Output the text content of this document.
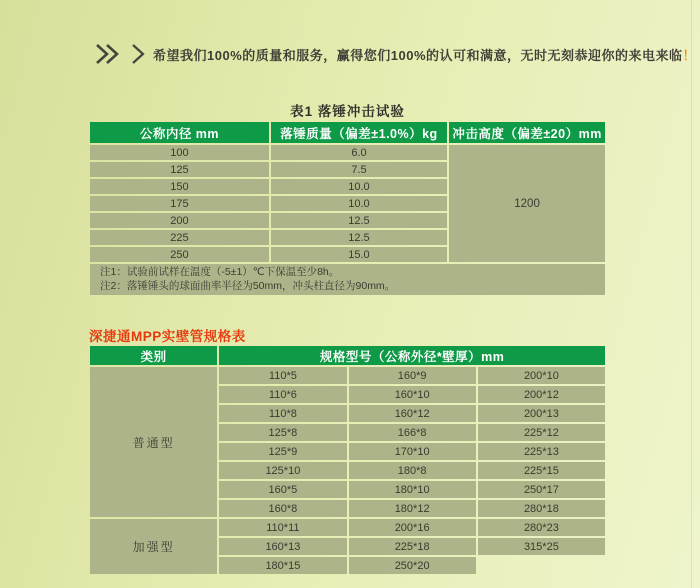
希望我们100%的质量和服务，赢得您们100%的认可和满意，无时无刻恭迎你的来电来临！
表1 落锤冲击试验
公称内径 mm	落锤质量（偏差±1.0%）kg	冲击高度（偏差±20）mm
100	6.0	1200
125	7.5	
150	10.0	
175	10.0	
200	12.5	
225	12.5	
250	15.0	

注1：试验前试样在温度（-5±1）℃下保温至少8h。
注2：落锤锤头的球面曲率半径为50mm，冲头柱直径为90mm。		
深捷通MPP实壁管规格表
类别	规格型号（公称外径*壁厚）mm		
普通型	110*5	160*9	200*10
	110*6	160*10	200*12
	110*8	160*12	200*13
	125*8	166*8	225*12
	125*9	170*10	225*13
	125*10	180*8	225*15
	160*5	180*10	250*17
	160*8	180*12	280*18
加强型	110*11	200*16	280*23
	160*13	225*18	315*25
	180*15	250*20	
